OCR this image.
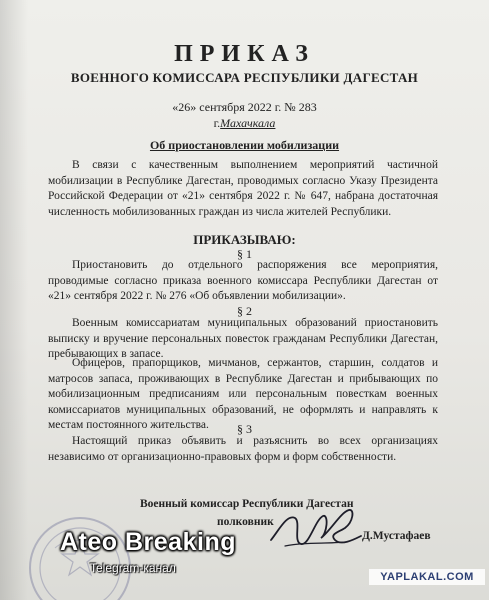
ПРИКАЗ
ВОЕННОГО КОМИССАРА РЕСПУБЛИКИ ДАГЕСТАН
«26» сентября 2022 г. № 283
г.Махачкала
Об приостановлении мобилизации
В связи с качественным выполнением мероприятий частичной мобилизации в Республике Дагестан, проводимых согласно Указу Президента Российской Федерации от «21» сентября 2022 г. № 647, набрана достаточная численность мобилизованных граждан из числа жителей Республики.
ПРИКАЗЫВАЮ:
§ 1
Приостановить до отдельного распоряжения все мероприятия, проводимые согласно приказа военного комиссара Республики Дагестан от «21» сентября 2022 г. № 276 «Об объявлении мобилизации».
§ 2
Военным комиссариатам муниципальных образований приостановить выписку и вручение персональных повесток гражданам Республики Дагестан, пребывающих в запасе.
Офицеров, прапорщиков, мичманов, сержантов, старшин, солдатов и матросов запаса, проживающих в Республике Дагестан и прибывающих по мобилизационным предписаниям или персональным повесткам военных комиссариатов муниципальных образований, не оформлять и направлять к местам постоянного жительства.	§ 3
Настоящий приказ объявить и разъяснить во всех организациях независимо от организационно-правовых форм и форм собственности.
Военный комиссар Республики Дагестан
полковник
Д.Мустафаев
Ateo Breaking
Telegram-канал
YAPLAKAL.COM
